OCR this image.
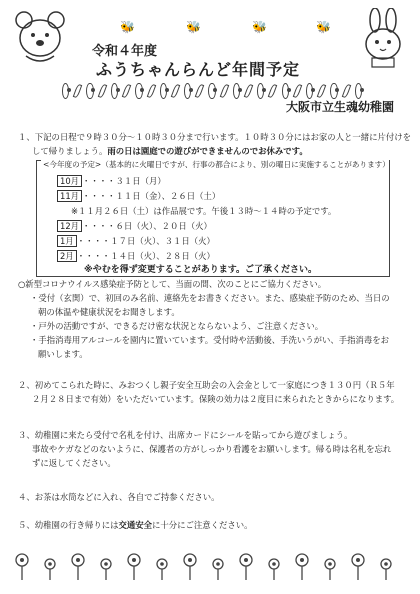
🐝	🐝	🐝	🐝
令和４年度
ふうちゃんらんど年間予定
大阪市立生魂幼稚園
１、下記の日程で９時３０分～１０時３０分まで行います。１０時３０分にはお家の人と一緒に片付けを
して帰りましょう。雨の日は園庭での遊びができませんのでお休みです。
<今年度の予定>（基本的に火曜日ですが、行事の都合により、別の曜日に実施することがあります）
10月 ・・・・３１日（月）
11月 ・・・・１１日（金）、２６日（土）
※１１月２６日（土）は作品展です。午後１３時～１４時の予定です。
12月 ・・・・６日（火）、２０日（火）
1月 ・・・・１７日（火）、３１日（火）
2月 ・・・・１４日（火）、２８日（火）
※やむを得ず変更することがあります。ご了承ください。
○新型コロナウイルス感染症予防として、当面の間、次のことにご協力ください。
・受付（玄関）で、初回のみ名前、連絡先をお書きください。また、感染症予防のため、当日の
朝の体温や健康状況をお聞きします。
・戸外の活動ですが、できるだけ密な状況とならないよう、ご注意ください。
・手指消毒用アルコールを園内に置いています。受付時や活動後、手洗いうがい、手指消毒をお
願いします。
２、初めてこられた時に、みおつくし親子安全互助会の入会金として一家庭につき１３０円（Ｒ５年
２月２８日まで有効）をいただいています。保険の効力は２度目に来られたときからになります。
３、幼稚園に来たら受付で名札を付け、出席カードにシールを貼ってから遊びましょう。
事故やケガなどのないように、保護者の方がしっかり看護をお願いします。帰る時は名札を忘れ
ずに返してください。
４、お茶は水筒などに入れ、各自でご持参ください。
５、幼稚園の行き帰りには交通安全に十分にご注意ください。
